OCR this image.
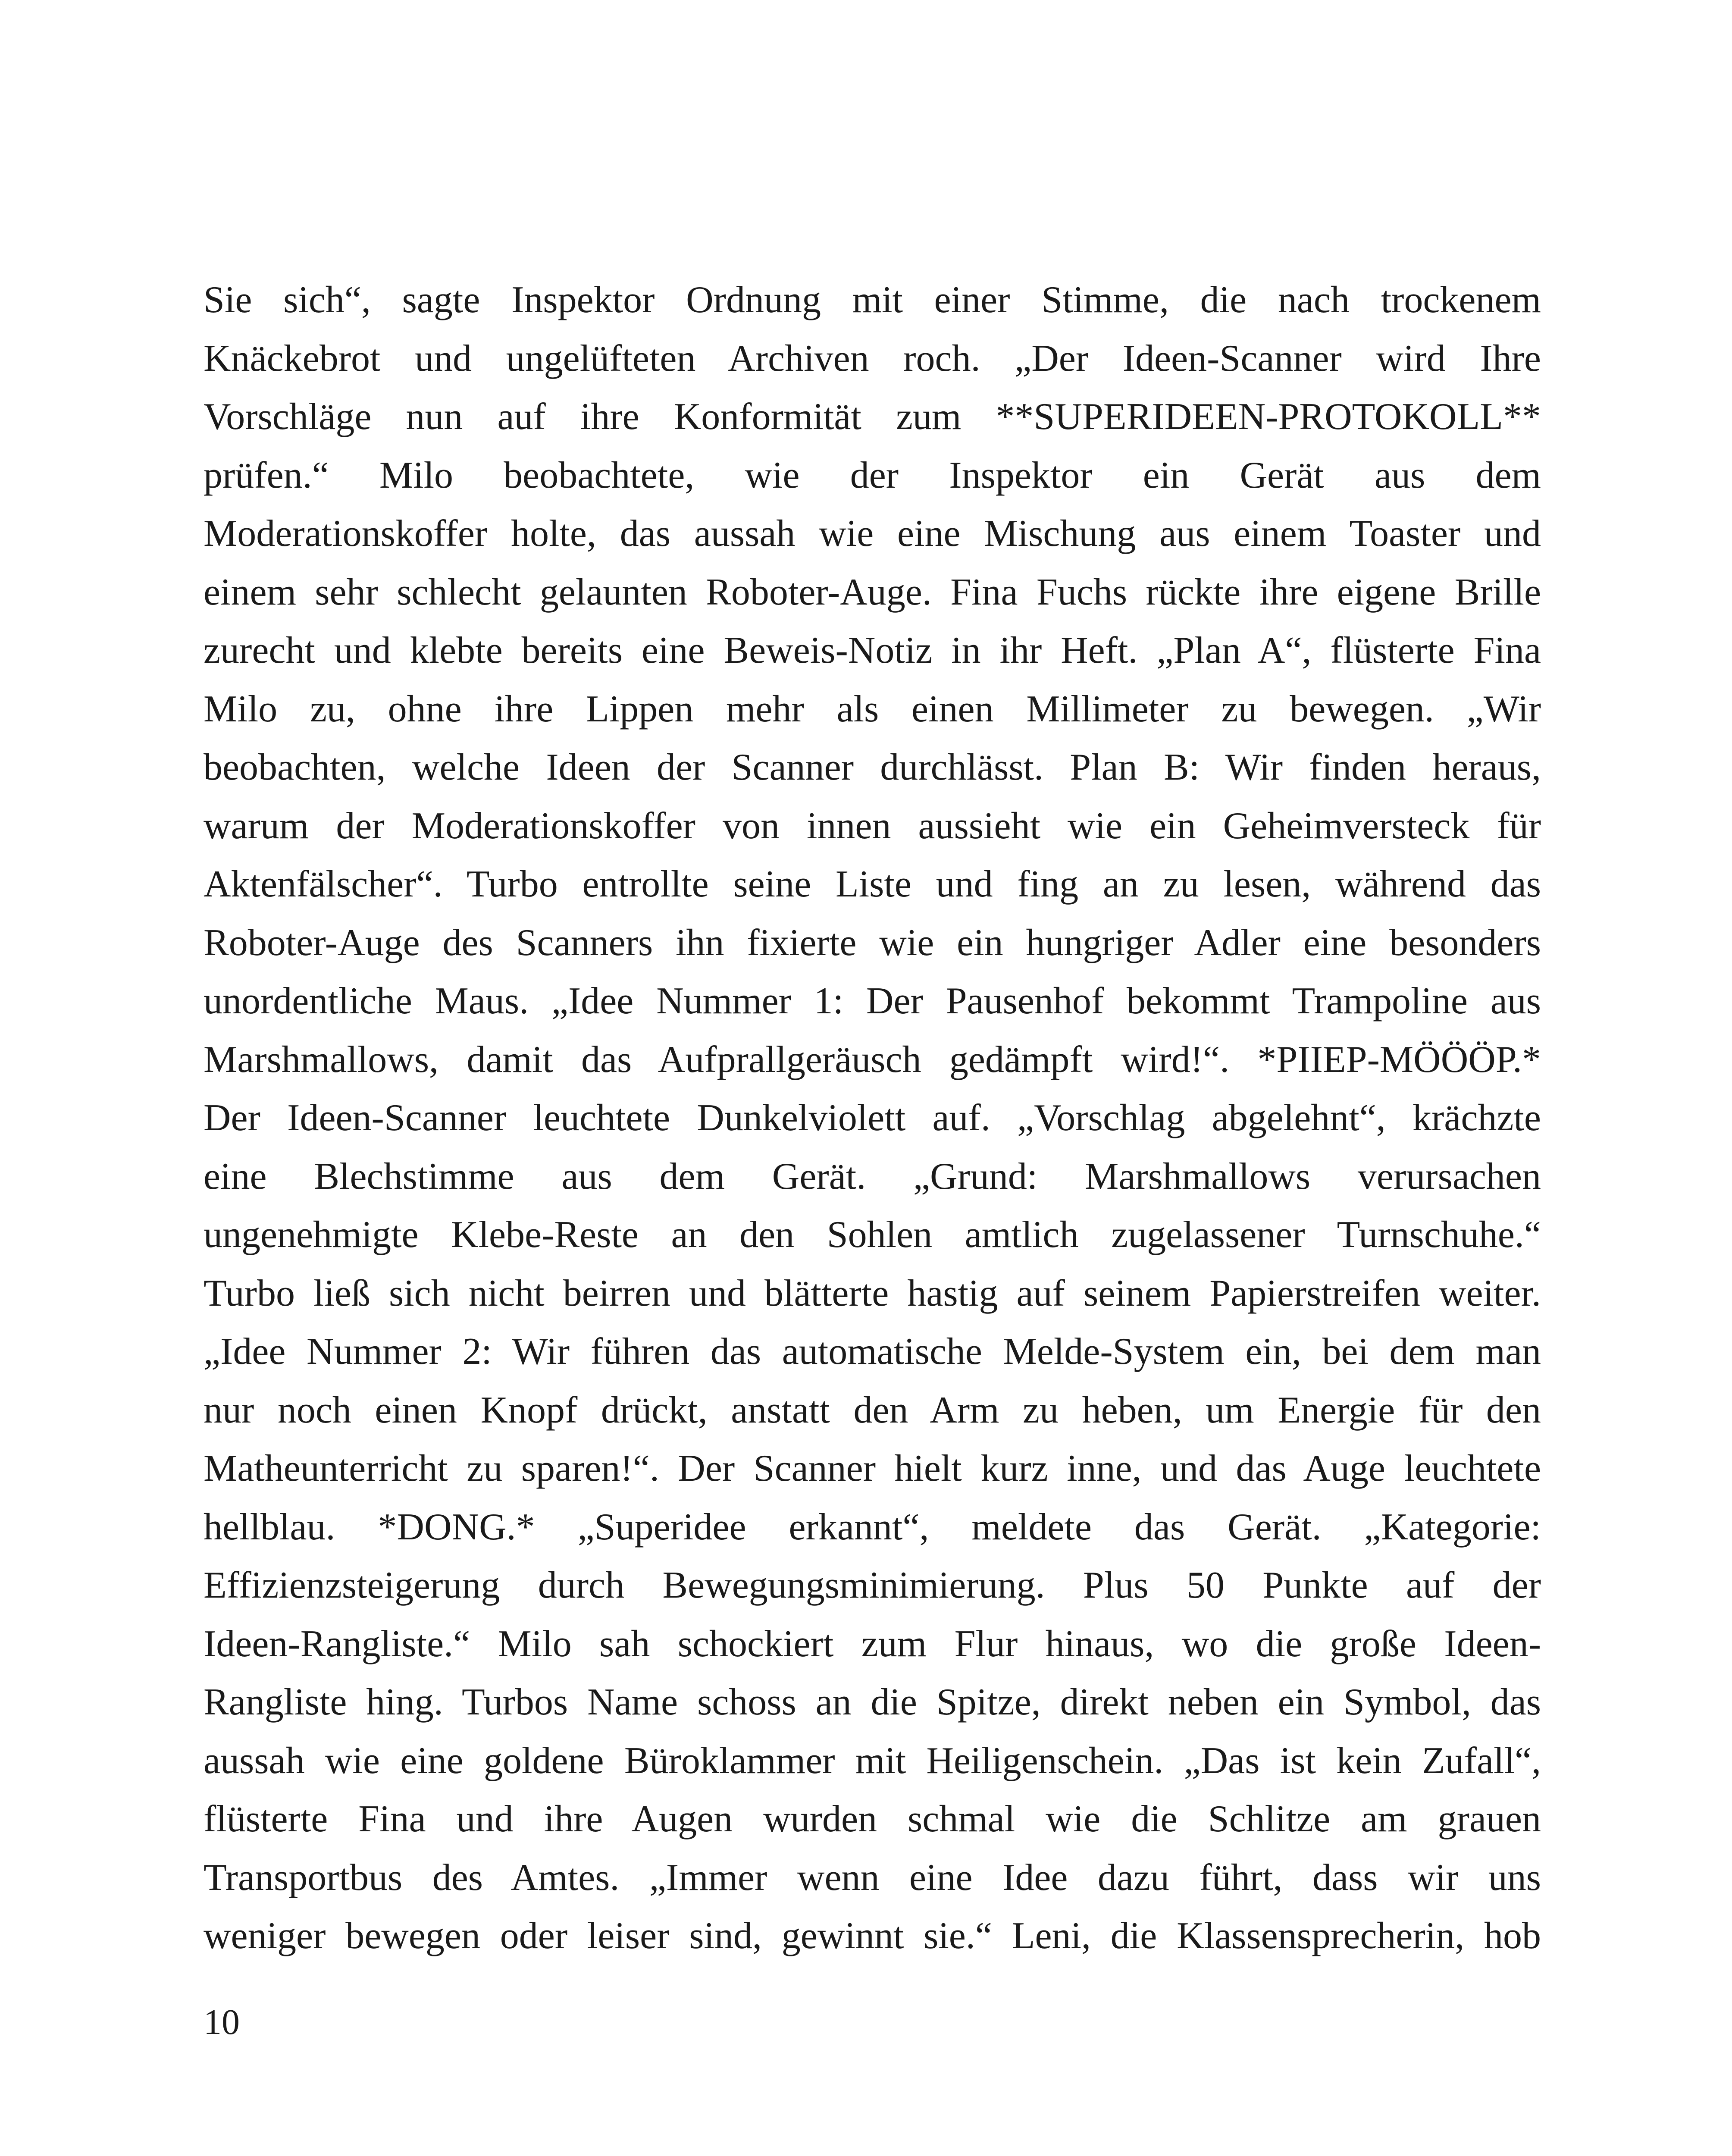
Sie sich“, sagte Inspektor Ordnung mit einer Stimme, die nach trockenem
Knäckebrot und ungelüfteten Archiven roch. „Der Ideen-Scanner wird Ihre
Vorschläge nun auf ihre Konformität zum **SUPERIDEEN-PROTOKOLL**
prüfen.“ Milo beobachtete, wie der Inspektor ein Gerät aus dem
Moderationskoffer holte, das aussah wie eine Mischung aus einem Toaster und
einem sehr schlecht gelaunten Roboter-Auge. Fina Fuchs rückte ihre eigene Brille
zurecht und klebte bereits eine Beweis-Notiz in ihr Heft. „Plan A“, flüsterte Fina
Milo zu, ohne ihre Lippen mehr als einen Millimeter zu bewegen. „Wir
beobachten, welche Ideen der Scanner durchlässt. Plan B: Wir finden heraus,
warum der Moderationskoffer von innen aussieht wie ein Geheimversteck für
Aktenfälscher“. Turbo entrollte seine Liste und fing an zu lesen, während das
Roboter-Auge des Scanners ihn fixierte wie ein hungriger Adler eine besonders
unordentliche Maus. „Idee Nummer 1: Der Pausenhof bekommt Trampoline aus
Marshmallows, damit das Aufprallgeräusch gedämpft wird!“. *PIIEP-MÖÖÖP.*
Der Ideen-Scanner leuchtete Dunkelviolett auf. „Vorschlag abgelehnt“, krächzte
eine Blechstimme aus dem Gerät. „Grund: Marshmallows verursachen
ungenehmigte Klebe-Reste an den Sohlen amtlich zugelassener Turnschuhe.“
Turbo ließ sich nicht beirren und blätterte hastig auf seinem Papierstreifen weiter.
„Idee Nummer 2: Wir führen das automatische Melde-System ein, bei dem man
nur noch einen Knopf drückt, anstatt den Arm zu heben, um Energie für den
Matheunterricht zu sparen!“. Der Scanner hielt kurz inne, und das Auge leuchtete
hellblau. *DONG.* „Superidee erkannt“, meldete das Gerät. „Kategorie:
Effizienzsteigerung durch Bewegungsminimierung. Plus 50 Punkte auf der
Ideen-Rangliste.“ Milo sah schockiert zum Flur hinaus, wo die große Ideen-
Rangliste hing. Turbos Name schoss an die Spitze, direkt neben ein Symbol, das
aussah wie eine goldene Büroklammer mit Heiligenschein. „Das ist kein Zufall“,
flüsterte Fina und ihre Augen wurden schmal wie die Schlitze am grauen
Transportbus des Amtes. „Immer wenn eine Idee dazu führt, dass wir uns
weniger bewegen oder leiser sind, gewinnt sie.“ Leni, die Klassensprecherin, hob
10
